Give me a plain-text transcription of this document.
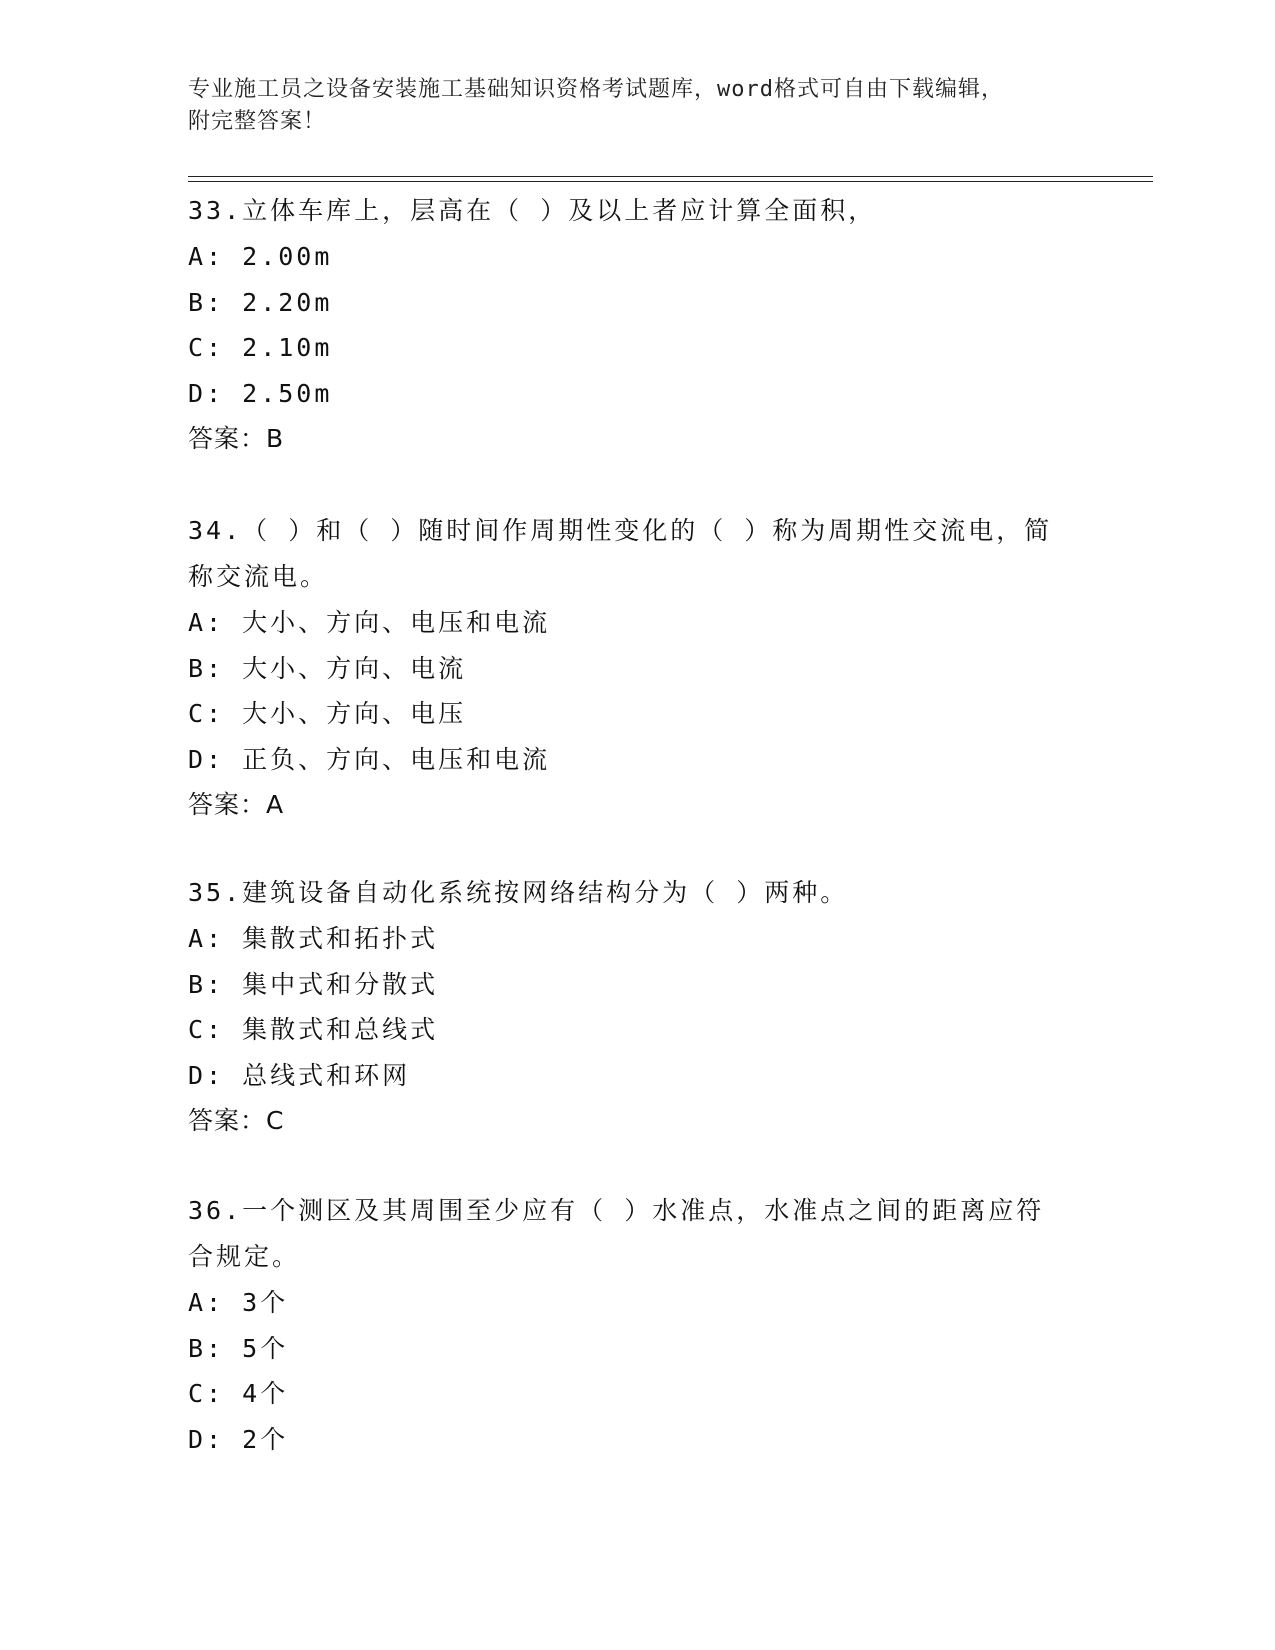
专业施工员之设备安装施工基础知识资格考试题库，word格式可自由下载编辑，
附完整答案！
33.立体车库上，层高在（ ）及以上者应计算全面积，
A: 2.00m
B: 2.20m
C: 2.10m
D: 2.50m
答案：B
34.（ ）和（ ）随时间作周期性变化的（ ）称为周期性交流电，简
称交流电。
A: 大小、方向、电压和电流
B: 大小、方向、电流
C: 大小、方向、电压
D: 正负、方向、电压和电流
答案：A
35.建筑设备自动化系统按网络结构分为（ ）两种。
A: 集散式和拓扑式
B: 集中式和分散式
C: 集散式和总线式
D: 总线式和环网
答案：C
36.一个测区及其周围至少应有（ ）水准点，水准点之间的距离应符
合规定。
A: 3个
B: 5个
C: 4个
D: 2个
